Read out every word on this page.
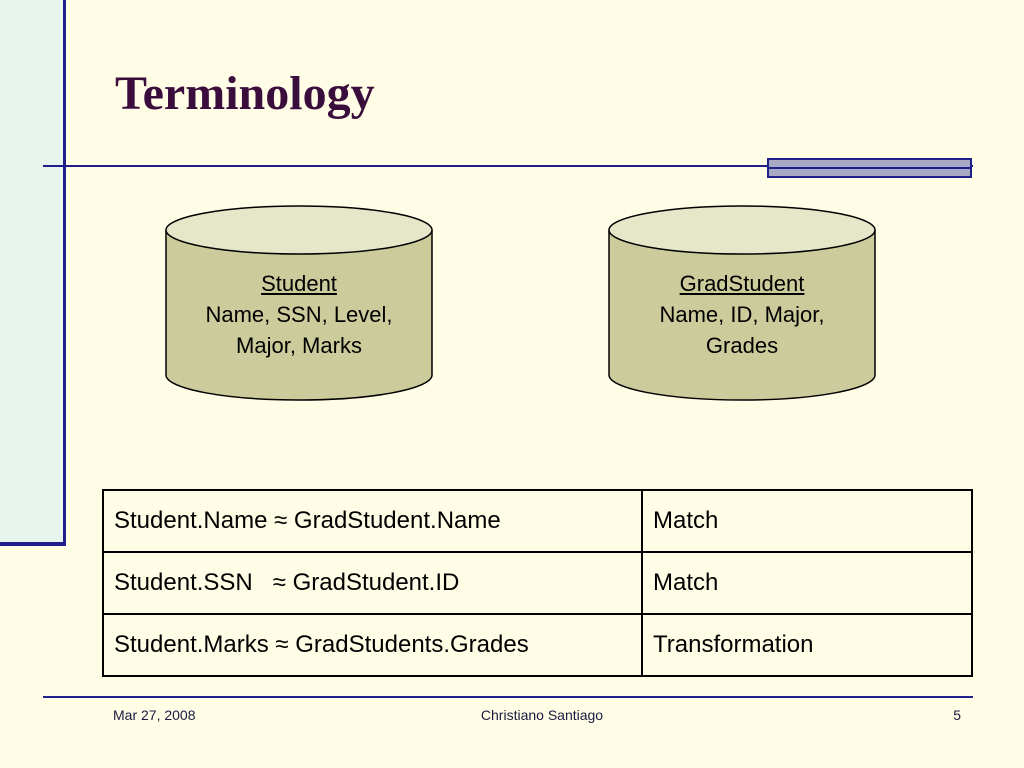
Terminology
Student
Name, SSN, Level,
Major, Marks
GradStudent
Name, ID, Major,
Grades
Student.Name ≈ GradStudent.Name	Match
Student.SSN   ≈ GradStudent.ID	Match
Student.Marks ≈ GradStudents.Grades	Transformation
Mar 27, 2008	Christiano Santiago	5
